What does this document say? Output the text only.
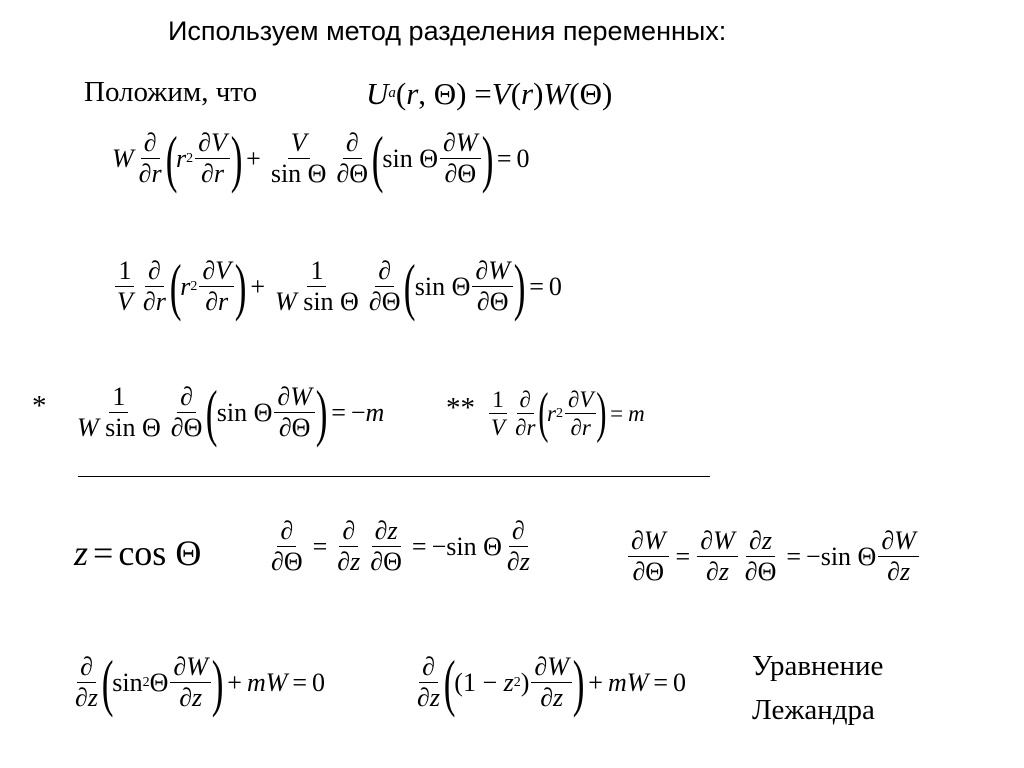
Используем метод разделения переменных:
Положим, что	U a ( r , Θ) = V ( r ) W (Θ)
W $\frac{\partial}{\partial r}$ (
r $2 \frac{\partial V}{\partial r}$ ) + $\frac{V}{\text{sin Θ}} \frac{\partial}{\partial\Theta}$ (
sin Θ $\frac{\partial W}{\partial\Theta}$ ) = 0
$\frac{1}{V} \frac{\partial}{\partial r}$ (
r $2 \frac{\partial V}{\partial r}$ ) + $\frac{1}{\text{W sin Θ}} \frac{\partial}{\partial\Theta}$ (
sin Θ $\frac{\partial W}{\partial\Theta}$ ) = 0
* $\frac{1}{\text{W sin Θ}} \frac{\partial}{\partial\Theta}$ (
sin Θ $\frac{\partial W}{\partial\Theta}$ ) = $-m ** \frac{1}{V} \frac{\partial}{\partial r}$ (
r $2 \frac{\partial V}{\partial r}$ ) = m
z = cos Θ	$\frac{\partial}{\partial\Theta} = \frac{\partial}{\partial z} \frac{\partial z}{\partial\Theta} = -\sin$ Θ $\frac{\partial}{\partial z}$	$\frac{\partial W}{\partial\Theta} = \frac{\partial W}{\partial z} \frac{\partial z}{\partial\Theta} = -\sin$ Θ $\frac{\partial W}{\partial z}$
$\frac{\partial}{\partial z}$ (
sin 2 Θ $\frac{\partial W}{\partial z}$ ) + mW = 0	$\frac{\partial}{\partial z}$ (
(1 − z 2 ) $\frac{\partial W}{\partial z}$ ) + mW = 0
Уравнение
Лежандра
